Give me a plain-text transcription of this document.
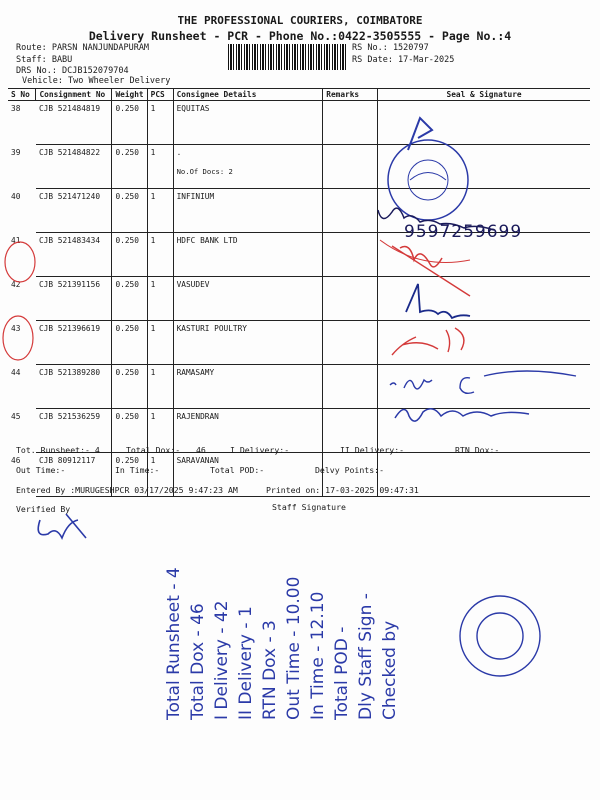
THE PROFESSIONAL COURIERS, COIMBATORE
Delivery Runsheet - PCR - Phone No.:0422-3505555 - Page No.:4
Route: PARSN NANJUNDAPURAM
Staff: BABU
DRS No.: DCJB152079704
Vehicle: Two Wheeler Delivery
RS No.: 1520797
RS Date: 17-Mar-2025
S No	Consignment No	Weight	PCS	Consignee Details	Remarks	Seal & Signature
38	CJB 521484819	0.250	1	EQUITAS		
39	CJB 521484822	0.250	1	.
No.Of Docs: 2		

40	CJB 521471240	0.250	1	INFINIUM		
41	CJB 521483434	0.250	1	HDFC BANK LTD		
42	CJB 521391156	0.250	1	VASUDEV		
43	CJB 521396619	0.250	1	KASTURI POULTRY		
44	CJB 521389280	0.250	1	RAMASAMY		
45	CJB 521536259	0.250	1	RAJENDRAN		
46	CJB 80912117	0.250	1	SARAVANAN		
Tot. Runsheet:- 4	Total Dox:- 46	I Delivery:-	II Delivery:-	RTN Dox:-
Out Time:-	In Time:-	Total POD:-	Delvy Points:-
Entered By :MURUGESHPCR 03/17/2025 9:47:23 AM	Printed on: 17-03-2025 09:47:31
Verified By	Staff Signature
9597259699
Total Runsheet - 4 Total Dox - 46 I Delivery - 42 II Delivery - 1 RTN Dox - 3 Out Time - 10.00 In Time - 12.10 Total POD - Dly Staff Sign - Checked by
